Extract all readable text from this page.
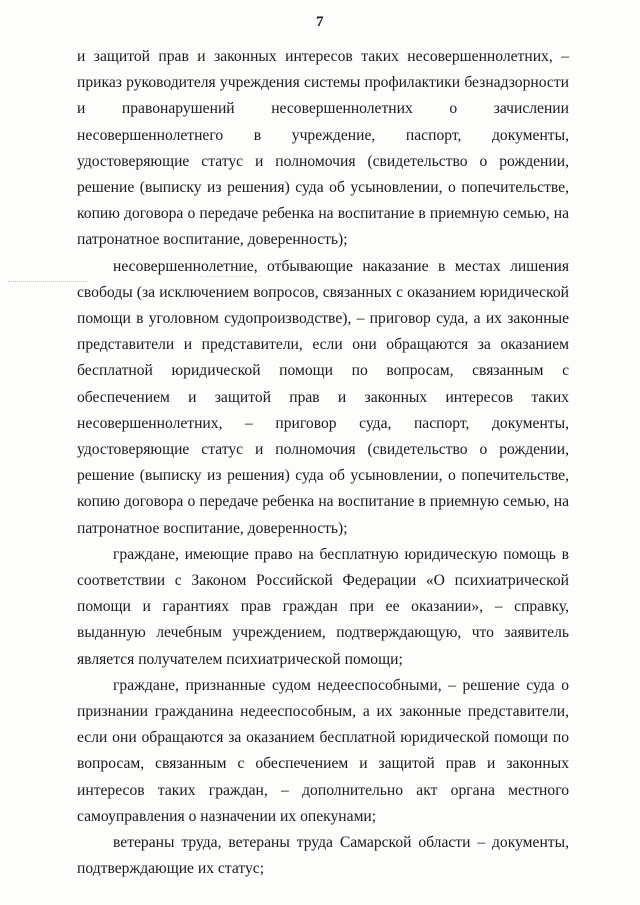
7

и защитой прав и законных интересов таких несовершеннолетних, – приказ руководителя учреждения системы профилактики безнадзорности и правонарушений несовершеннолетних о зачислении несовершеннолетнего в учреждение, паспорт, документы, удостоверяющие статус и полномочия (свидетельство о рождении, решение (выписку из решения) суда об усыновлении, о попечительстве, копию договора о передаче ребенка на воспитание в приемную семью, на патронатное воспитание, доверенность);

несовершеннолетние, отбывающие наказание в местах лишения свободы (за исключением вопросов, связанных с оказанием юридической помощи в уголовном судопроизводстве), – приговор суда, а их законные представители и представители, если они обращаются за оказанием бесплатной юридической помощи по вопросам, связанным с обеспечением и защитой прав и законных интересов таких несовершеннолетних, – приговор суда, паспорт, документы, удостоверяющие статус и полномочия (свидетельство о рождении, решение (выписку из решения) суда об усыновлении, о попечительстве, копию договора о передаче ребенка на воспитание в приемную семью, на патронатное воспитание, доверенность);

граждане, имеющие право на бесплатную юридическую помощь в соответствии с Законом Российской Федерации «О психиатрической помощи и гарантиях прав граждан при ее оказании», – справку, выданную лечебным учреждением, подтверждающую, что заявитель является получателем психиатрической помощи;

граждане, признанные судом недееспособными, – решение суда о признании гражданина недееспособным, а их законные представители, если они обращаются за оказанием бесплатной юридической помощи по вопросам, связанным с обеспечением и защитой прав и законных интересов таких граждан, – дополнительно акт органа местного самоуправления о назначении их опекунами;

ветераны труда, ветераны труда Самарской области – документы, подтверждающие их статус;
